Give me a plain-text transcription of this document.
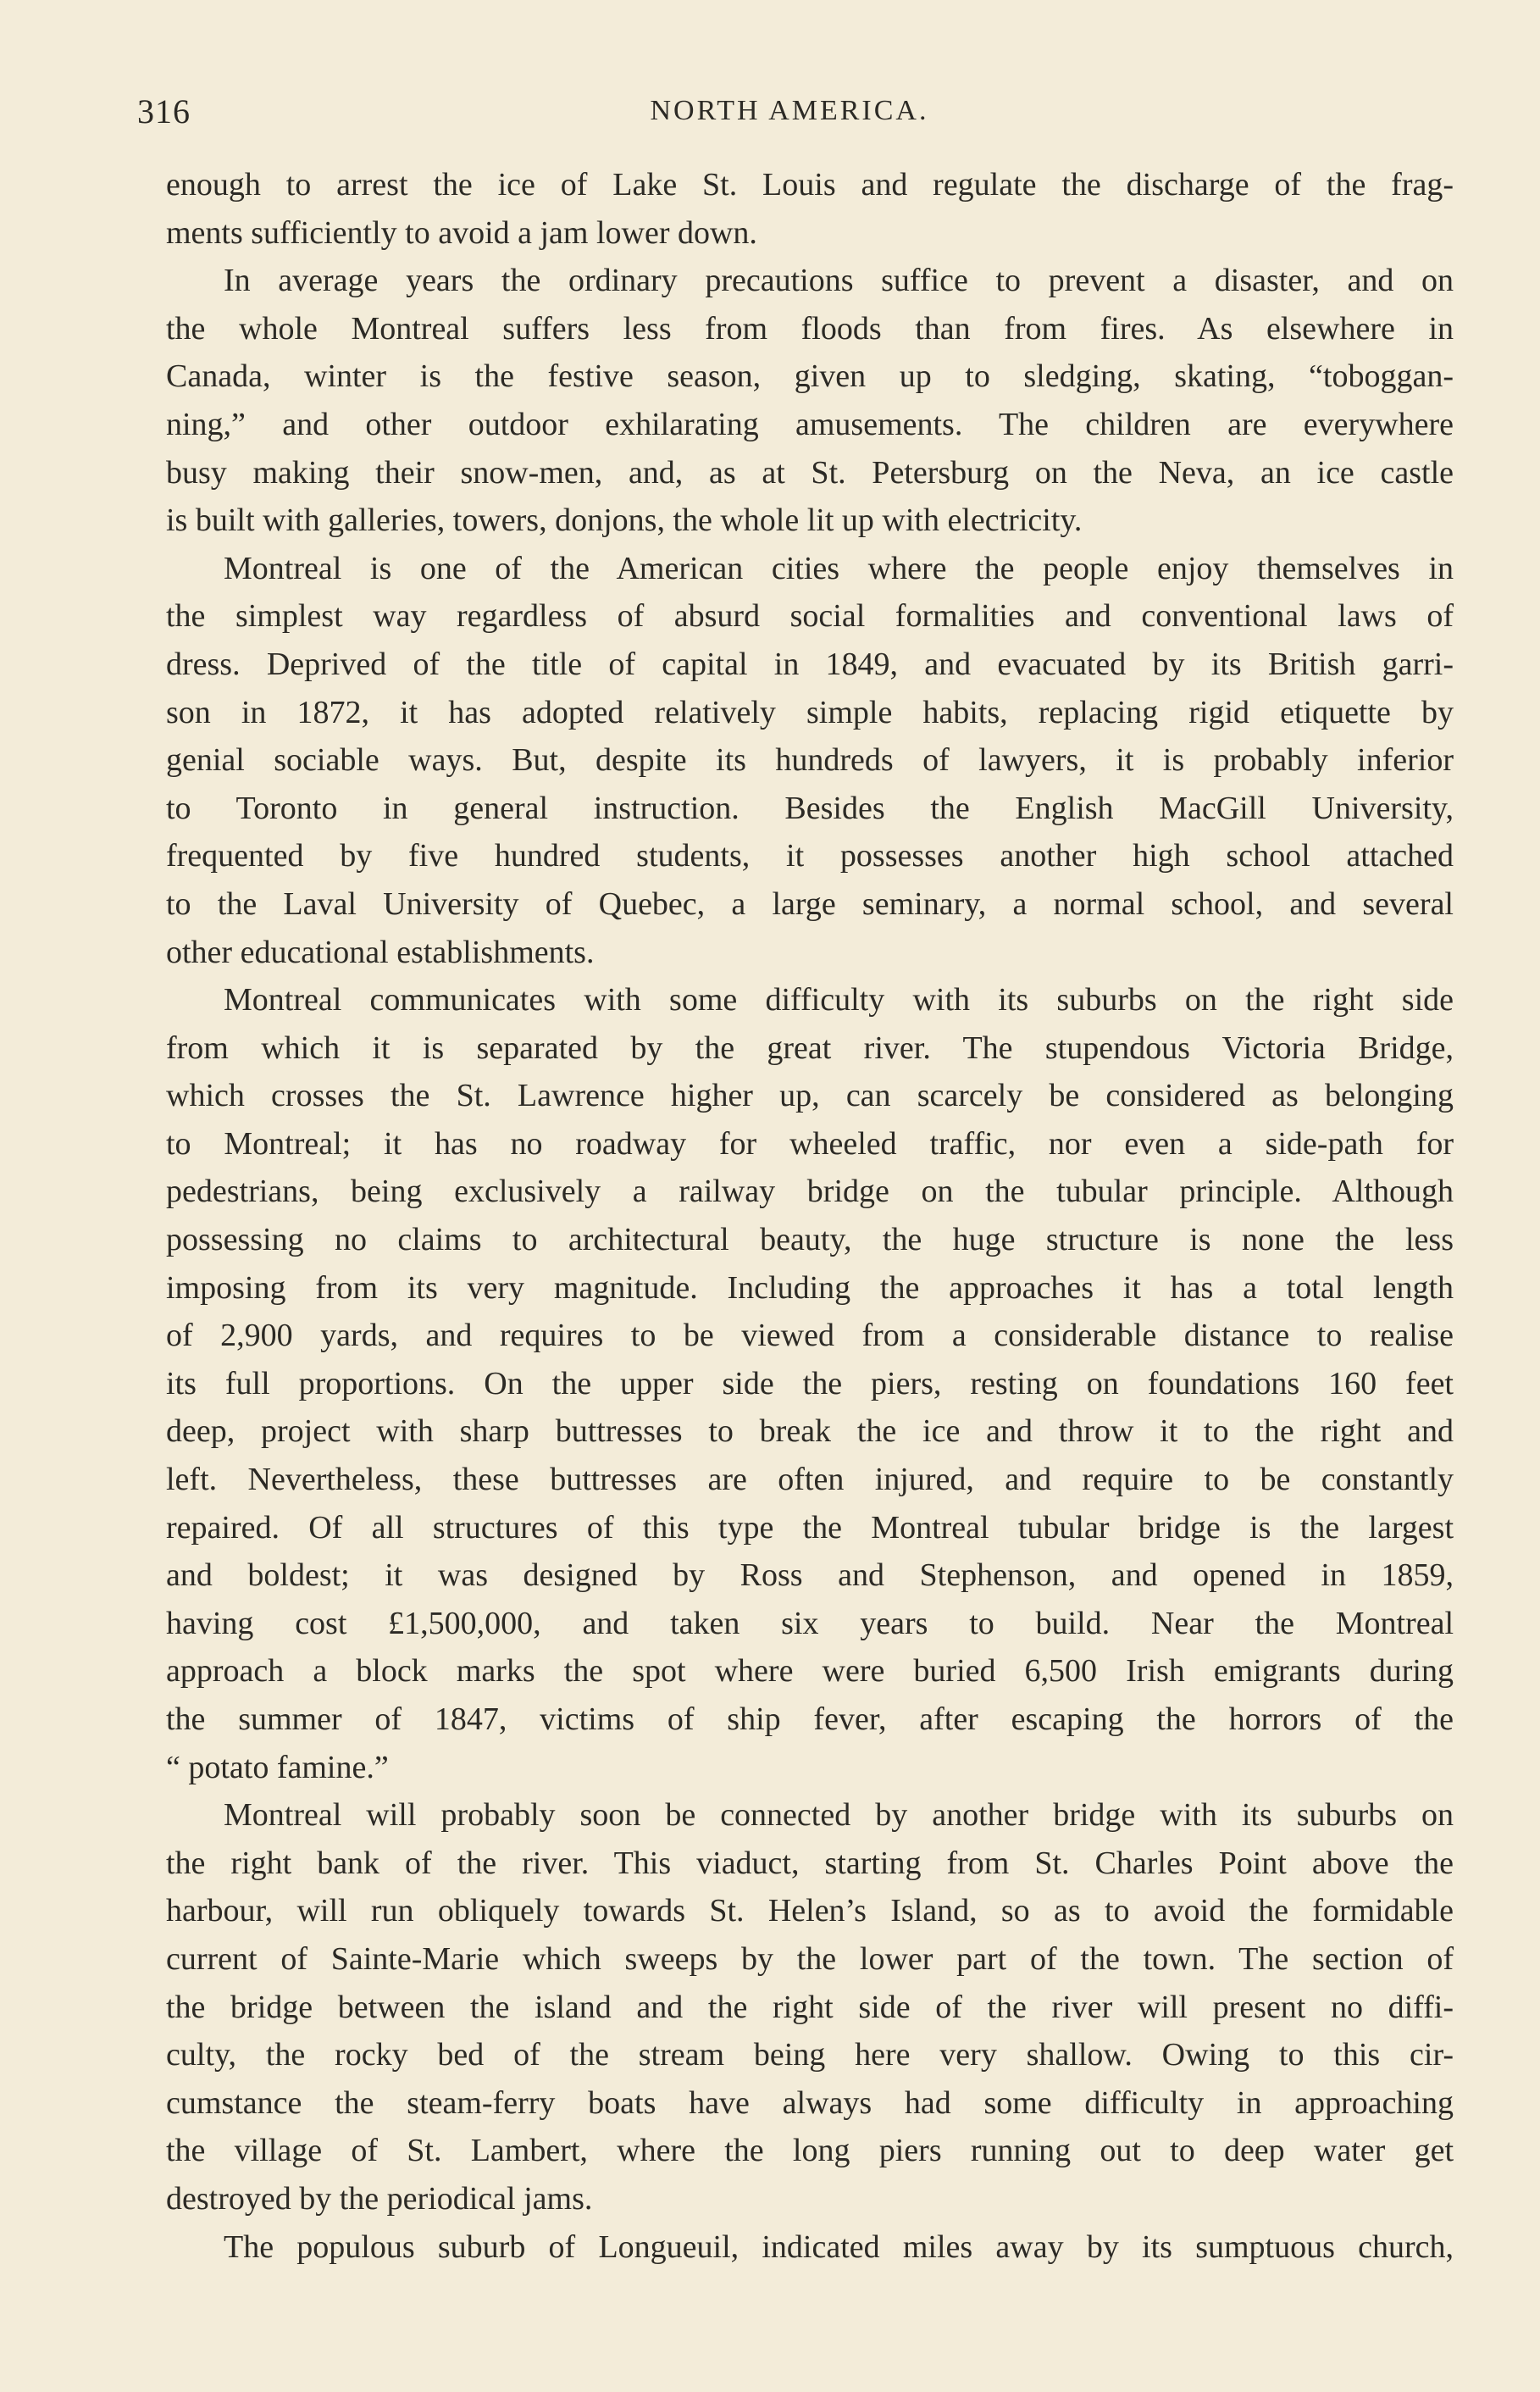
316	NORTH AMERICA.
enough to arrest the ice of Lake St. Louis and regulate the discharge of the frag-
ments sufficiently to avoid a jam lower down.
In average years the ordinary precautions suffice to prevent a disaster, and on
the whole Montreal suffers less from floods than from fires. As elsewhere in
Canada, winter is the festive season, given up to sledging, skating, “toboggan-
ning,” and other outdoor exhilarating amusements. The children are everywhere
busy making their snow-men, and, as at St. Petersburg on the Neva, an ice castle
is built with galleries, towers, donjons, the whole lit up with electricity.
Montreal is one of the American cities where the people enjoy themselves in
the simplest way regardless of absurd social formalities and conventional laws of
dress. Deprived of the title of capital in 1849, and evacuated by its British garri-
son in 1872, it has adopted relatively simple habits, replacing rigid etiquette by
genial sociable ways. But, despite its hundreds of lawyers, it is probably inferior
to Toronto in general instruction. Besides the English MacGill University,
frequented by five hundred students, it possesses another high school attached
to the Laval University of Quebec, a large seminary, a normal school, and several
other educational establishments.
Montreal communicates with some difficulty with its suburbs on the right side
from which it is separated by the great river. The stupendous Victoria Bridge,
which crosses the St. Lawrence higher up, can scarcely be considered as belonging
to Montreal; it has no roadway for wheeled traffic, nor even a side-path for
pedestrians, being exclusively a railway bridge on the tubular principle. Although
possessing no claims to architectural beauty, the huge structure is none the less
imposing from its very magnitude. Including the approaches it has a total length
of 2,900 yards, and requires to be viewed from a considerable distance to realise
its full proportions. On the upper side the piers, resting on foundations 160 feet
deep, project with sharp buttresses to break the ice and throw it to the right and
left. Nevertheless, these buttresses are often injured, and require to be constantly
repaired. Of all structures of this type the Montreal tubular bridge is the largest
and boldest; it was designed by Ross and Stephenson, and opened in 1859,
having cost £1,500,000, and taken six years to build. Near the Montreal
approach a block marks the spot where were buried 6,500 Irish emigrants during
the summer of 1847, victims of ship fever, after escaping the horrors of the
“ potato famine.”
Montreal will probably soon be connected by another bridge with its suburbs on
the right bank of the river. This viaduct, starting from St. Charles Point above the
harbour, will run obliquely towards St. Helen’s Island, so as to avoid the formidable
current of Sainte-Marie which sweeps by the lower part of the town. The section of
the bridge between the island and the right side of the river will present no diffi-
culty, the rocky bed of the stream being here very shallow. Owing to this cir-
cumstance the steam-ferry boats have always had some difficulty in approaching
the village of St. Lambert, where the long piers running out to deep water get
destroyed by the periodical jams.
The populous suburb of Longueuil, indicated miles away by its sumptuous church,
